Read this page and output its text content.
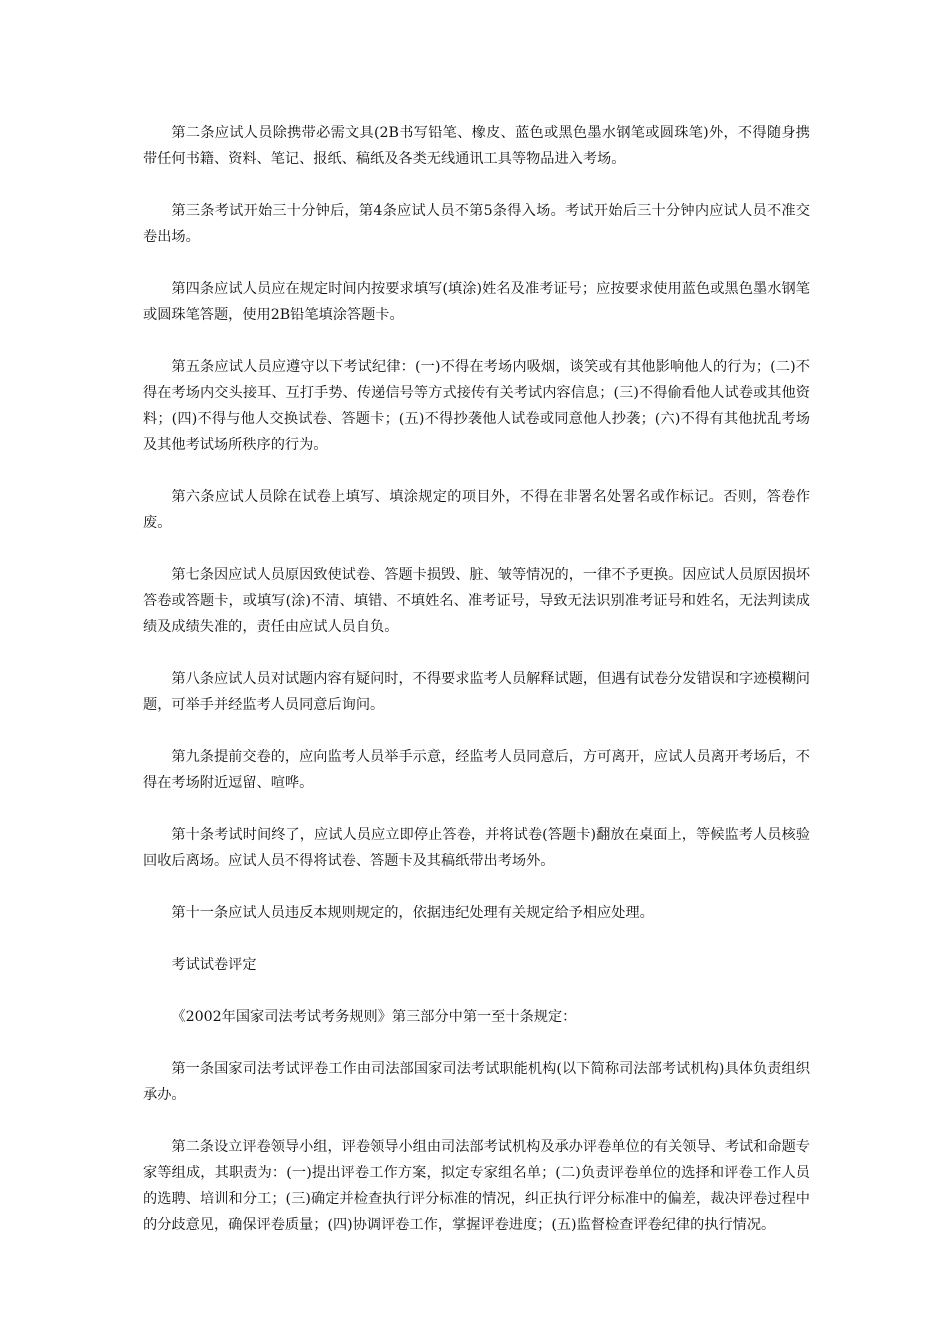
第二条应试人员除携带必需文具(2B书写铅笔、橡皮、蓝色或黑色墨水钢笔或圆珠笔)外，不得随身携带任何书籍、资料、笔记、报纸、稿纸及各类无线通讯工具等物品进入考场。

第三条考试开始三十分钟后，第4条应试人员不第5条得入场。考试开始后三十分钟内应试人员不准交卷出场。

第四条应试人员应在规定时间内按要求填写(填涂)姓名及准考证号；应按要求使用蓝色或黑色墨水钢笔或圆珠笔答题，使用2B铅笔填涂答题卡。

第五条应试人员应遵守以下考试纪律：(一)不得在考场内吸烟，谈笑或有其他影响他人的行为；(二)不得在考场内交头接耳、互打手势、传递信号等方式接传有关考试内容信息；(三)不得偷看他人试卷或其他资料；(四)不得与他人交换试卷、答题卡；(五)不得抄袭他人试卷或同意他人抄袭；(六)不得有其他扰乱考场及其他考试场所秩序的行为。

第六条应试人员除在试卷上填写、填涂规定的项目外，不得在非署名处署名或作标记。否则，答卷作废。

第七条因应试人员原因致使试卷、答题卡损毁、脏、皱等情况的，一律不予更换。因应试人员原因损坏答卷或答题卡，或填写(涂)不清、填错、不填姓名、准考证号，导致无法识别准考证号和姓名，无法判读成绩及成绩失准的，责任由应试人员自负。

第八条应试人员对试题内容有疑问时，不得要求监考人员解释试题，但遇有试卷分发错误和字迹模糊问题，可举手并经监考人员同意后询问。

第九条提前交卷的，应向监考人员举手示意，经监考人员同意后，方可离开，应试人员离开考场后，不得在考场附近逗留、喧哗。

第十条考试时间终了，应试人员应立即停止答卷，并将试卷(答题卡)翻放在桌面上，等候监考人员核验回收后离场。应试人员不得将试卷、答题卡及其稿纸带出考场外。

第十一条应试人员违反本规则规定的，依据违纪处理有关规定给予相应处理。

考试试卷评定

《2002年国家司法考试考务规则》第三部分中第一至十条规定：

第一条国家司法考试评卷工作由司法部国家司法考试职能机构(以下简称司法部考试机构)具体负责组织承办。

第二条设立评卷领导小组，评卷领导小组由司法部考试机构及承办评卷单位的有关领导、考试和命题专家等组成，其职责为：(一)提出评卷工作方案，拟定专家组名单；(二)负责评卷单位的选择和评卷工作人员的选聘、培训和分工；(三)确定并检查执行评分标准的情况，纠正执行评分标准中的偏差，裁决评卷过程中的分歧意见，确保评卷质量；(四)协调评卷工作，掌握评卷进度；(五)监督检查评卷纪律的执行情况。
